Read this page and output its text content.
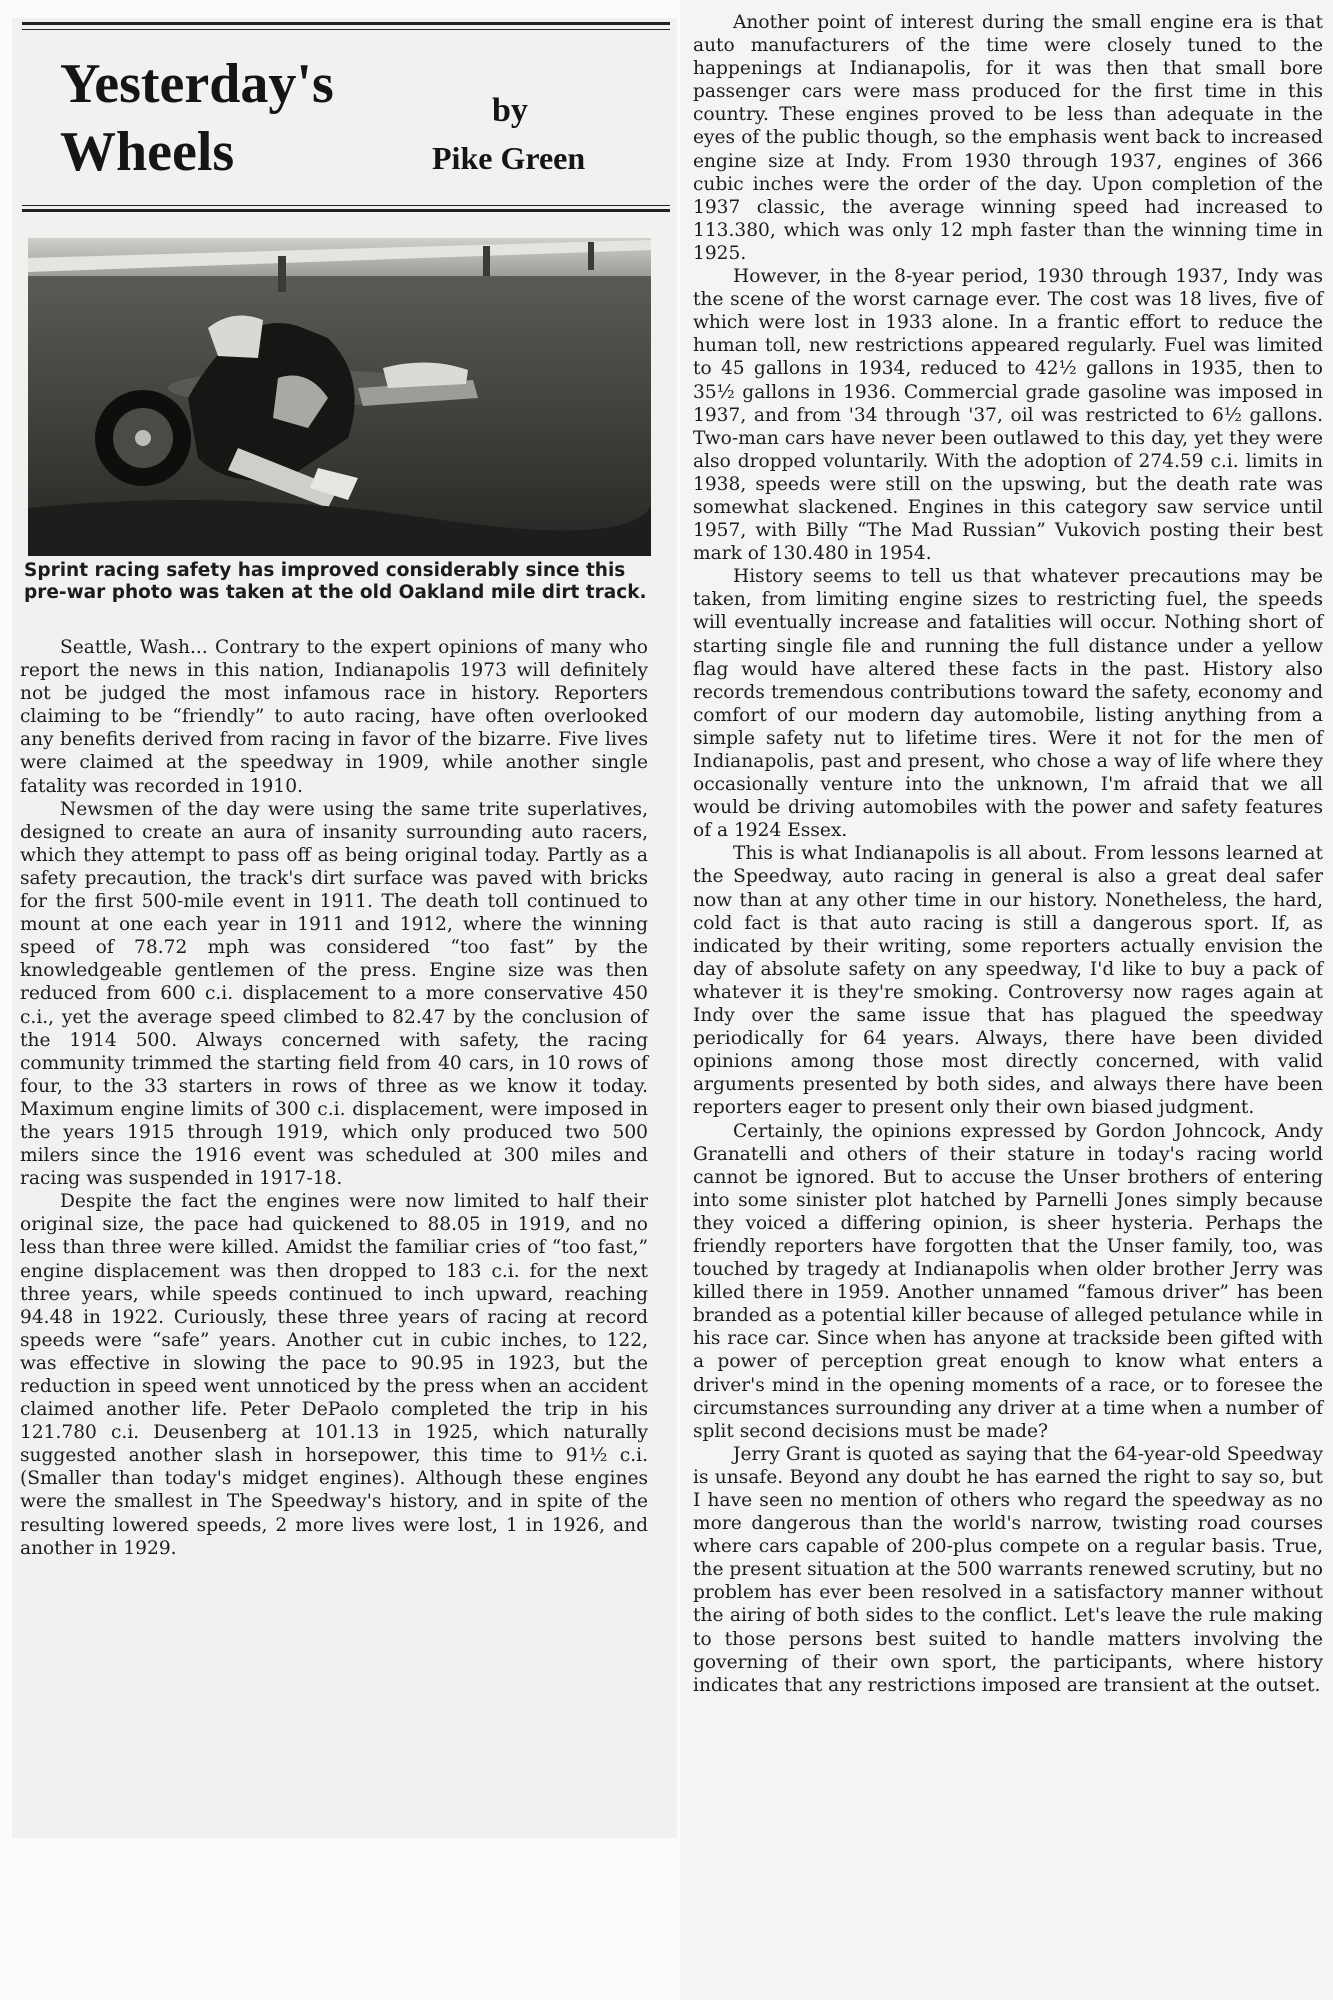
Yesterday's
Wheels
by
Pike Green
Sprint racing safety has improved considerably since this pre-war photo was taken at the old Oakland mile dirt track.

Seattle, Wash... Contrary to the expert opinions of many who report the news in this nation, Indianapolis 1973 will definitely not be judged the most infamous race in history. Reporters claiming to be “friendly” to auto racing, have often overlooked any benefits derived from racing in favor of the bizarre. Five lives were claimed at the speedway in 1909, while another single fatality was recorded in 1910.

Newsmen of the day were using the same trite superlatives, designed to create an aura of insanity surrounding auto racers, which they attempt to pass off as being original today. Partly as a safety precaution, the track's dirt surface was paved with bricks for the first 500-mile event in 1911. The death toll continued to mount at one each year in 1911 and 1912, where the winning speed of 78.72 mph was considered “too fast” by the knowledgeable gentlemen of the press. Engine size was then reduced from 600 c.i. displacement to a more conservative 450 c.i., yet the average speed climbed to 82.47 by the conclusion of the 1914 500. Always concerned with safety, the racing community trimmed the starting field from 40 cars, in 10 rows of four, to the 33 starters in rows of three as we know it today. Maximum engine limits of 300 c.i. displacement, were imposed in the years 1915 through 1919, which only produced two 500 milers since the 1916 event was scheduled at 300 miles and racing was suspended in 1917-18.

Despite the fact the engines were now limited to half their original size, the pace had quickened to 88.05 in 1919, and no less than three were killed. Amidst the familiar cries of “too fast,” engine displacement was then dropped to 183 c.i. for the next three years, while speeds continued to inch upward, reaching 94.48 in 1922. Curiously, these three years of racing at record speeds were “safe” years. Another cut in cubic inches, to 122, was effective in slowing the pace to 90.95 in 1923, but the reduction in speed went unnoticed by the press when an accident claimed another life. Peter DePaolo completed the trip in his 121.780 c.i. Deusenberg at 101.13 in 1925, which naturally suggested another slash in horsepower, this time to 91½ c.i. (Smaller than today's midget engines). Although these engines were the smallest in The Speedway's history, and in spite of the resulting lowered speeds, 2 more lives were lost, 1 in 1926, and another in 1929.

Another point of interest during the small engine era is that auto manufacturers of the time were closely tuned to the happenings at Indianapolis, for it was then that small bore passenger cars were mass produced for the first time in this country. These engines proved to be less than adequate in the eyes of the public though, so the emphasis went back to increased engine size at Indy. From 1930 through 1937, engines of 366 cubic inches were the order of the day. Upon completion of the 1937 classic, the average winning speed had increased to 113.380, which was only 12 mph faster than the winning time in 1925.

However, in the 8-year period, 1930 through 1937, Indy was the scene of the worst carnage ever. The cost was 18 lives, five of which were lost in 1933 alone. In a frantic effort to reduce the human toll, new restrictions appeared regularly. Fuel was limited to 45 gallons in 1934, reduced to 42½ gallons in 1935, then to 35½ gallons in 1936. Commercial grade gasoline was imposed in 1937, and from '34 through '37, oil was restricted to 6½ gallons. Two-man cars have never been outlawed to this day, yet they were also dropped voluntarily. With the adoption of 274.59 c.i. limits in 1938, speeds were still on the upswing, but the death rate was somewhat slackened. Engines in this category saw service until 1957, with Billy “The Mad Russian” Vukovich posting their best mark of 130.480 in 1954.

History seems to tell us that whatever precautions may be taken, from limiting engine sizes to restricting fuel, the speeds will eventually increase and fatalities will occur. Nothing short of starting single file and running the full distance under a yellow flag would have altered these facts in the past. History also records tremendous contributions toward the safety, economy and comfort of our modern day automobile, listing anything from a simple safety nut to lifetime tires. Were it not for the men of Indianapolis, past and present, who chose a way of life where they occasionally venture into the unknown, I'm afraid that we all would be driving automobiles with the power and safety features of a 1924 Essex.

This is what Indianapolis is all about. From lessons learned at the Speedway, auto racing in general is also a great deal safer now than at any other time in our history. Nonetheless, the hard, cold fact is that auto racing is still a dangerous sport. If, as indicated by their writing, some reporters actually envision the day of absolute safety on any speedway, I'd like to buy a pack of whatever it is they're smoking. Controversy now rages again at Indy over the same issue that has plagued the speedway periodically for 64 years. Always, there have been divided opinions among those most directly concerned, with valid arguments presented by both sides, and always there have been reporters eager to present only their own biased judgment.

Certainly, the opinions expressed by Gordon Johncock, Andy Granatelli and others of their stature in today's racing world cannot be ignored. But to accuse the Unser brothers of entering into some sinister plot hatched by Parnelli Jones simply because they voiced a differing opinion, is sheer hysteria. Perhaps the friendly reporters have forgotten that the Unser family, too, was touched by tragedy at Indianapolis when older brother Jerry was killed there in 1959. Another unnamed “famous driver” has been branded as a potential killer because of alleged petulance while in his race car. Since when has anyone at trackside been gifted with a power of perception great enough to know what enters a driver's mind in the opening moments of a race, or to foresee the circumstances surrounding any driver at a time when a number of split second decisions must be made?

Jerry Grant is quoted as saying that the 64-year-old Speedway is unsafe. Beyond any doubt he has earned the right to say so, but I have seen no mention of others who regard the speedway as no more dangerous than the world's narrow, twisting road courses where cars capable of 200-plus compete on a regular basis. True, the present situation at the 500 warrants renewed scrutiny, but no problem has ever been resolved in a satisfactory manner without the airing of both sides to the conflict. Let's leave the rule making to those persons best suited to handle matters involving the governing of their own sport, the participants, where history indicates that any restrictions imposed are transient at the outset.
